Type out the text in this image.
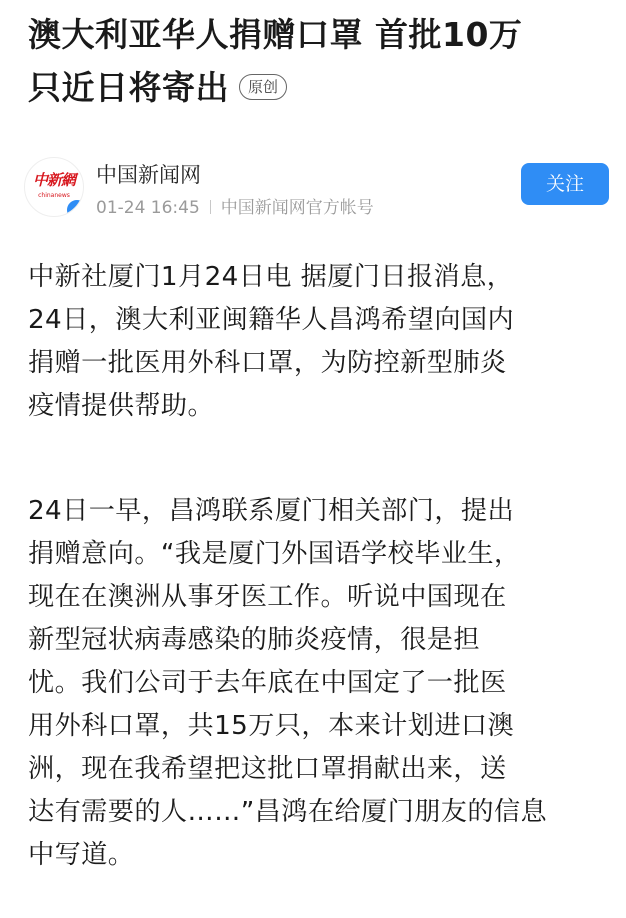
澳大利亚华人捐赠口罩 首批10万
只近日将寄出 原创
中新網
chinanews
✓
中国新闻网
01-24 16:45 中国新闻网官方帐号
关注
中新社厦门1月24日电 据厦门日报消息，
24日，澳大利亚闽籍华人昌鸿希望向国内
捐赠一批医用外科口罩，为防控新型肺炎
疫情提供帮助。
24日一早，昌鸿联系厦门相关部门，提出
捐赠意向。“我是厦门外国语学校毕业生，
现在在澳洲从事牙医工作。听说中国现在
新型冠状病毒感染的肺炎疫情，很是担
忧。我们公司于去年底在中国定了一批医
用外科口罩，共15万只，本来计划进口澳
洲，现在我希望把这批口罩捐献出来，送
达有需要的人……”昌鸿在给厦门朋友的信息
中写道。
